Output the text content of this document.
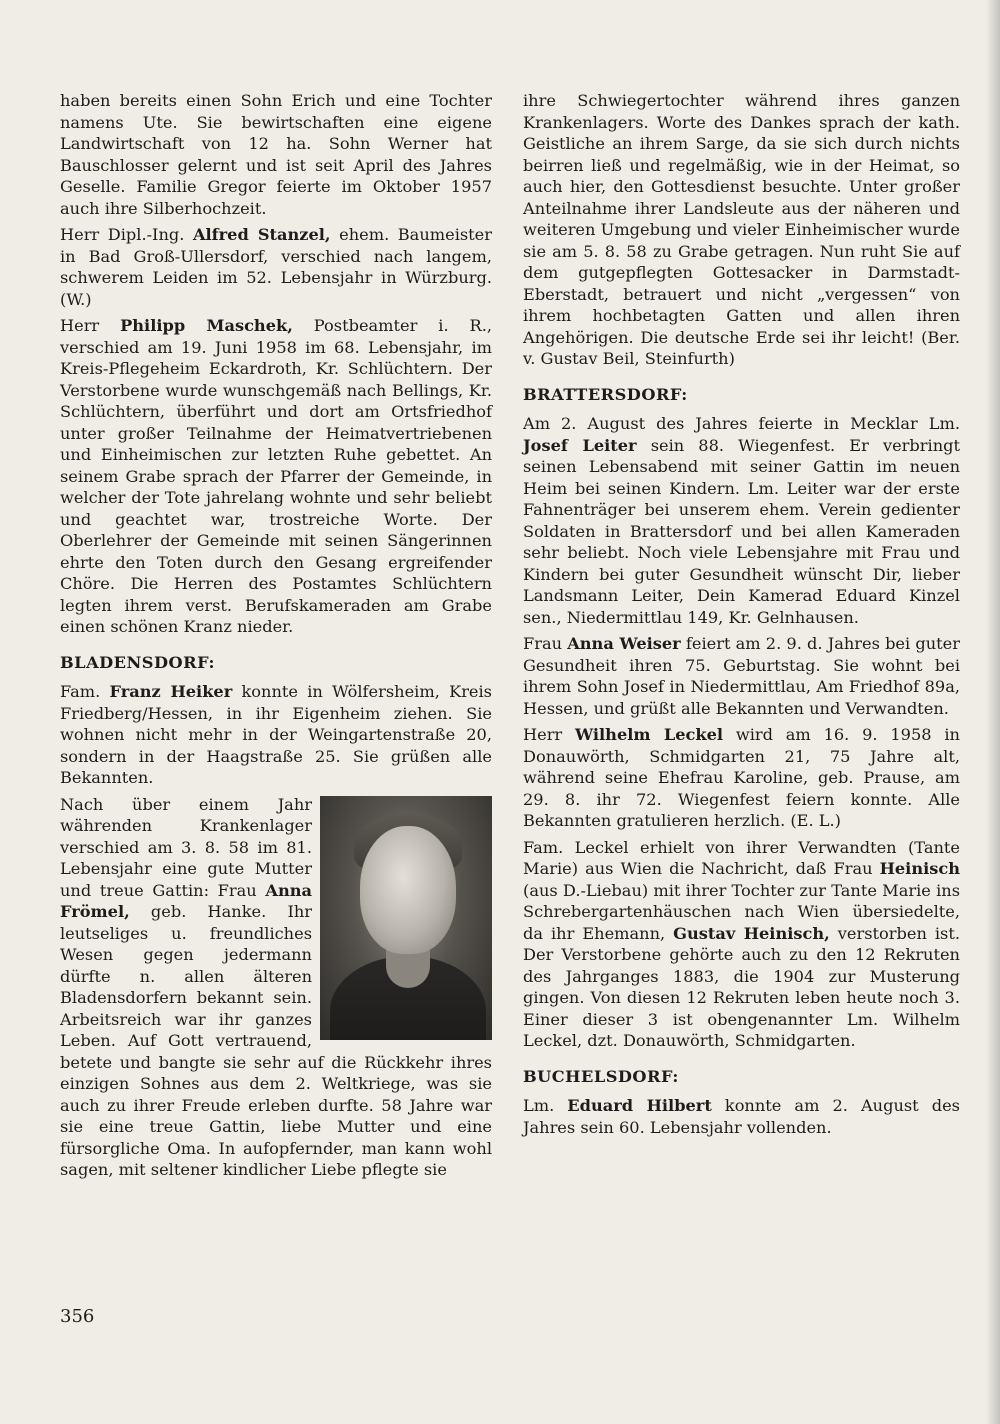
haben bereits einen Sohn Erich und eine Tochter namens Ute. Sie bewirtschaften eine eigene Landwirtschaft von 12 ha. Sohn Werner hat Bauschlosser gelernt und ist seit April des Jahres Geselle. Familie Gregor feierte im Oktober 1957 auch ihre Silberhochzeit.

Herr Dipl.-Ing. Alfred Stanzel, ehem. Baumeister in Bad Groß-Ullersdorf, verschied nach langem, schwerem Leiden im 52. Lebensjahr in Würzburg. (W.)

Herr Philipp Maschek, Postbeamter i. R., verschied am 19. Juni 1958 im 68. Lebensjahr, im Kreis-Pflegeheim Eckardroth, Kr. Schlüchtern. Der Verstorbene wurde wunschgemäß nach Bellings, Kr. Schlüchtern, überführt und dort am Ortsfriedhof unter großer Teilnahme der Heimatvertriebenen und Einheimischen zur letzten Ruhe gebettet. An seinem Grabe sprach der Pfarrer der Gemeinde, in welcher der Tote jahrelang wohnte und sehr beliebt und geachtet war, trostreiche Worte. Der Oberlehrer der Gemeinde mit seinen Sängerinnen ehrte den Toten durch den Gesang ergreifender Chöre. Die Herren des Postamtes Schlüchtern legten ihrem verst. Berufskameraden am Grabe einen schönen Kranz nieder.

BLADENSDORF:

Fam. Franz Heiker konnte in Wölfersheim, Kreis Friedberg/Hessen, in ihr Eigenheim ziehen. Sie wohnen nicht mehr in der Weingartenstraße 20, sondern in der Haagstraße 25. Sie grüßen alle Bekannten.

Nach über einem Jahr währenden Krankenlager verschied am 3. 8. 58 im 81. Lebensjahr eine gute Mutter und treue Gattin: Frau Anna Frömel, geb. Hanke. Ihr leutseliges u. freundliches Wesen gegen jedermann dürfte n. allen älteren Bladensdorfern bekannt sein. Arbeitsreich war ihr ganzes Leben. Auf Gott vertrauend, betete und bangte sie sehr auf die Rückkehr ihres einzigen Sohnes aus dem 2. Weltkriege, was sie auch zu ihrer Freude erleben durfte. 58 Jahre war sie eine treue Gattin, liebe Mutter und eine fürsorgliche Oma. In aufopfernder, man kann wohl sagen, mit seltener kindlicher Liebe pflegte sie

ihre Schwiegertochter während ihres ganzen Krankenlagers. Worte des Dankes sprach der kath. Geistliche an ihrem Sarge, da sie sich durch nichts beirren ließ und regelmäßig, wie in der Heimat, so auch hier, den Gottesdienst besuchte. Unter großer Anteilnahme ihrer Landsleute aus der näheren und weiteren Umgebung und vieler Einheimischer wurde sie am 5. 8. 58 zu Grabe getragen. Nun ruht Sie auf dem gutgepflegten Gottesacker in Darmstadt-Eberstadt, betrauert und nicht „vergessen“ von ihrem hochbetagten Gatten und allen ihren Angehörigen. Die deutsche Erde sei ihr leicht! (Ber. v. Gustav Beil, Steinfurth)

BRATTERSDORF:

Am 2. August des Jahres feierte in Mecklar Lm. Josef Leiter sein 88. Wiegenfest. Er verbringt seinen Lebensabend mit seiner Gattin im neuen Heim bei seinen Kindern. Lm. Leiter war der erste Fahnenträger bei unserem ehem. Verein gedienter Soldaten in Brattersdorf und bei allen Kameraden sehr beliebt. Noch viele Lebensjahre mit Frau und Kindern bei guter Gesundheit wünscht Dir, lieber Landsmann Leiter, Dein Kamerad Eduard Kinzel sen., Niedermittlau 149, Kr. Gelnhausen.

Frau Anna Weiser feiert am 2. 9. d. Jahres bei guter Gesundheit ihren 75. Geburtstag. Sie wohnt bei ihrem Sohn Josef in Niedermittlau, Am Friedhof 89a, Hessen, und grüßt alle Bekannten und Verwandten.

Herr Wilhelm Leckel wird am 16. 9. 1958 in Donauwörth, Schmidgarten 21, 75 Jahre alt, während seine Ehefrau Karoline, geb. Prause, am 29. 8. ihr 72. Wiegenfest feiern konnte. Alle Bekannten gratulieren herzlich. (E. L.)

Fam. Leckel erhielt von ihrer Verwandten (Tante Marie) aus Wien die Nachricht, daß Frau Heinisch (aus D.-Liebau) mit ihrer Tochter zur Tante Marie ins Schrebergartenhäuschen nach Wien übersiedelte, da ihr Ehemann, Gustav Heinisch, verstorben ist. Der Verstorbene gehörte auch zu den 12 Rekruten des Jahrganges 1883, die 1904 zur Musterung gingen. Von diesen 12 Rekruten leben heute noch 3. Einer dieser 3 ist obengenannter Lm. Wilhelm Leckel, dzt. Donauwörth, Schmidgarten.

BUCHELSDORF:

Lm. Eduard Hilbert konnte am 2. August des Jahres sein 60. Lebensjahr vollenden.

356
